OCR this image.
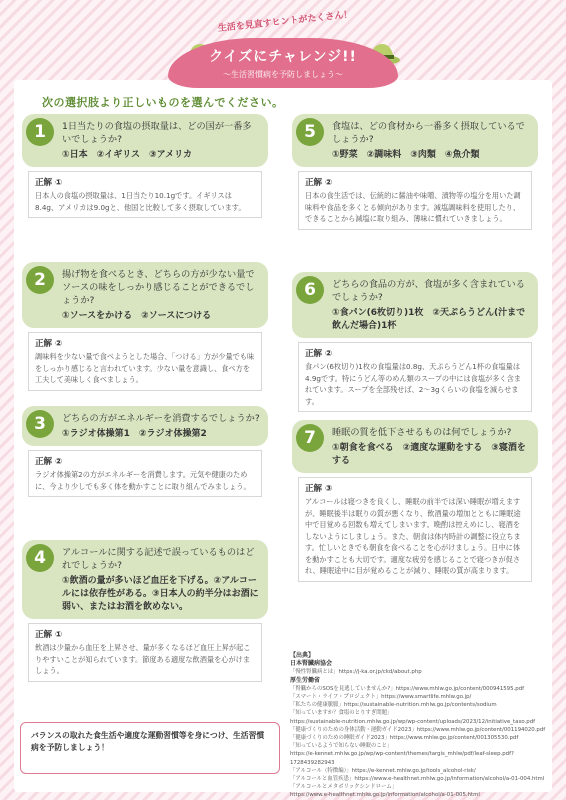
生活を見直すヒントがたくさん！
クイズにチャレンジ!!
～生活習慣病を予防しましょう～
次の選択肢より正しいものを選んでください。
1	1日当たりの食塩の摂取量は、どの国が一番多いでしょうか?
①日本　②イギリス　③アメリカ
正解 ①
日本人の食塩の摂取量は、1日当たり10.1gです。イギリスは8.4g、アメリカは9.0gと、他国と比較して多く摂取しています。
2	揚げ物を食べるとき、どちらの方が少ない量でソースの味をしっかり感じることができるでしょうか?
①ソースをかける　②ソースにつける
正解 ②
調味料を少ない量で食べようとした場合、「つける」方が少量でも味をしっかり感じると言われています。少ない量を意識し、食べ方を工夫して美味しく食べましょう。
3	どちらの方がエネルギーを消費するでしょうか?
①ラジオ体操第1　②ラジオ体操第2
正解 ②
ラジオ体操第2の方がエネルギーを消費します。元気や健康のために、今より少しでも多く体を動かすことに取り組んでみましょう。
4	アルコールに関する記述で誤っているものはどれでしょうか?
①飲酒の量が多いほど血圧を下げる。②アルコールには依存性がある。③日本人の約半分はお酒に弱い、またはお酒を飲めない。
正解 ①
飲酒は少量から血圧を上昇させ、量が多くなるほど血圧上昇が起こりやすいことが知られています。節度ある適度な飲酒量を心がけましょう。
5	食塩は、どの食材から一番多く摂取しているでしょうか?
①野菜　②調味料　③肉類　④魚介類
正解 ②
日本の食生活では、伝統的に醤油や味噌、漬物等の塩分を用いた調味料や食品を多くとる傾向があります。減塩調味料を使用したり、できることから減塩に取り組み、薄味に慣れていきましょう。
6	どちらの食品の方が、食塩が多く含まれているでしょうか?
①食パン(6枚切り)1枚　②天ぷらうどん(汁まで飲んだ場合)1杯
正解 ②
食パン(6枚切り)1枚の食塩量は0.8g、天ぷらうどん1杯の食塩量は4.9gです。特にうどん等のめん類のスープの中には食塩が多く含まれています。スープを全部残せば、2～3gくらいの食塩を減らせます。
7	睡眠の質を低下させるものは何でしょうか?
①朝食を食べる　②適度な運動をする　③寝酒をする
正解 ③
アルコールは寝つきを良くし、睡眠の前半では深い睡眠が増えますが、睡眠後半は眠りの質が悪くなり、飲酒量の増加とともに睡眠途中で目覚める回数も増えてしまいます。晩酌は控えめにし、寝酒をしないようにしましょう。また、朝食は体内時計の調整に役立ちます。忙しいときでも朝食を食べることを心がけましょう。日中に体を動かすことも大切です。適度な疲労を感じることで寝つきが促され、睡眠途中に目が覚めることが減り、睡眠の質が高まります。
バランスの取れた食生活や適度な運動習慣等を身につけ、生活習慣病を予防しましょう！
【出典】
日本腎臓病協会
「慢性腎臓病とは」https://j-ka.or.jp/ckd/about.php
厚生労働省
「腎臓からのSOSを見逃していませんか?」https://www.mhlw.go.jp/content/000941595.pdf
「スマート・ライフ・プロジェクト」https://www.smartlife.mhlw.go.jp/
「私たちの健康脈脈」https://sustainable-nutrition.mhlw.go.jp/contents/sodium
「知っていますか？食塩のとりすぎ問題」
https://sustainable-nutrition.mhlw.go.jp/wp/wp-content/uploads/2023/12/initiative_taxo.pdf
「健康づくりのための身体活動・運動ガイド2023」https://www.mhlw.go.jp/content/001194020.pdf
「健康づくりのための睡眠ガイド2023」https://www.mhlw.go.jp/content/001305530.pdf
「知っているようで知らない睡眠のこと」
https://e-kennet.mhlw.go.jp/wp/wp-content/themes/targis_mhlw/pdf/leaf-sleep.pdf?1728439282943
「アルコール（特徴編）」https://e-kennet.mhlw.go.jp/tools_alcohol-risk/
「アルコールと血管疾患」https://www.e-healthnet.mhlw.go.jp/information/alcohol/a-01-004.html
「アルコールとメタボリックシンドローム」
https://www.e-healthnet.mhlw.go.jp/information/alcohol/a-01-005.html
